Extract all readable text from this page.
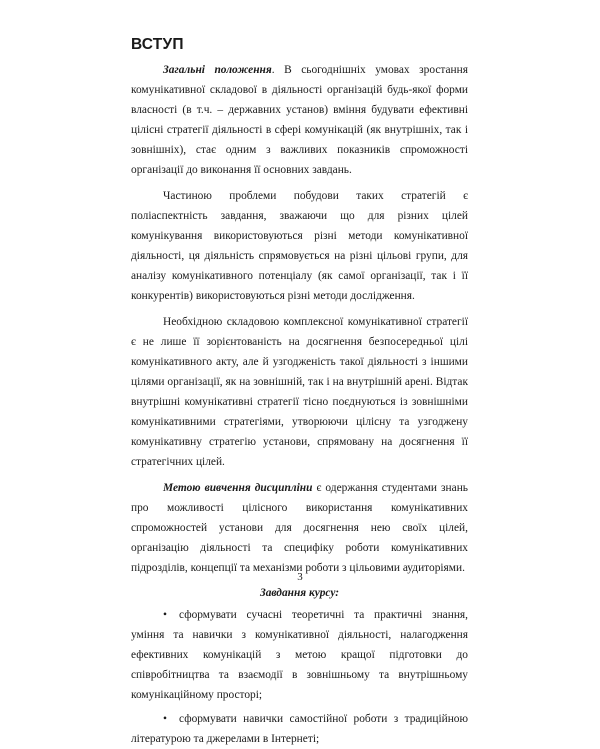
ВСТУП

Загальні положення. В сьогоднішніх умовах зростання комунікативної складової в діяльності організацій будь-якої форми власності (в т.ч. – державних установ) вміння будувати ефективні цілісні стратегії діяльності в сфері комунікацій (як внутрішніх, так і зовнішніх), стає одним з важливих показників спроможності організації до виконання її основних завдань.

Частиною проблеми побудови таких стратегій є поліаспектність завдання, зважаючи що для різних цілей комунікування використовуються різні методи комунікативної діяльності, ця діяльність спрямовується на різні цільові групи, для аналізу комунікативного потенціалу (як самої організації, так і її конкурентів) використовуються різні методи дослідження.

Необхідною складовою комплексної комунікативної стратегії є не лише її зорієнтованість на досягнення безпосередньої цілі комунікативного акту, але й узгодженість такої діяльності з іншими цілями організації, як на зовнішній, так і на внутрішній арені. Відтак внутрішні комунікативні стратегії тісно поєднуються із зовнішніми комунікативними стратегіями, утворюючи цілісну та узгоджену комунікативну стратегію установи, спрямовану на досягнення її стратегічних цілей.

Метою вивчення дисципліни є одержання студентами знань про можливості цілісного використання комунікативних спроможностей установи для досягнення нею своїх цілей, організацію діяльності та специфіку роботи комунікативних підрозділів, концепції та механізми роботи з цільовими аудиторіями.

Завдання курсу:

• сформувати сучасні теоретичні та практичні знання, уміння та навички з комунікативної діяльності, налагодження ефективних комунікацій з метою кращої підготовки до співробітництва та взаємодії в зовнішньому та внутрішньому комунікаційному просторі;

• сформувати навички самостійної роботи з традиційною літературою та джерелами в Інтернеті;

3
